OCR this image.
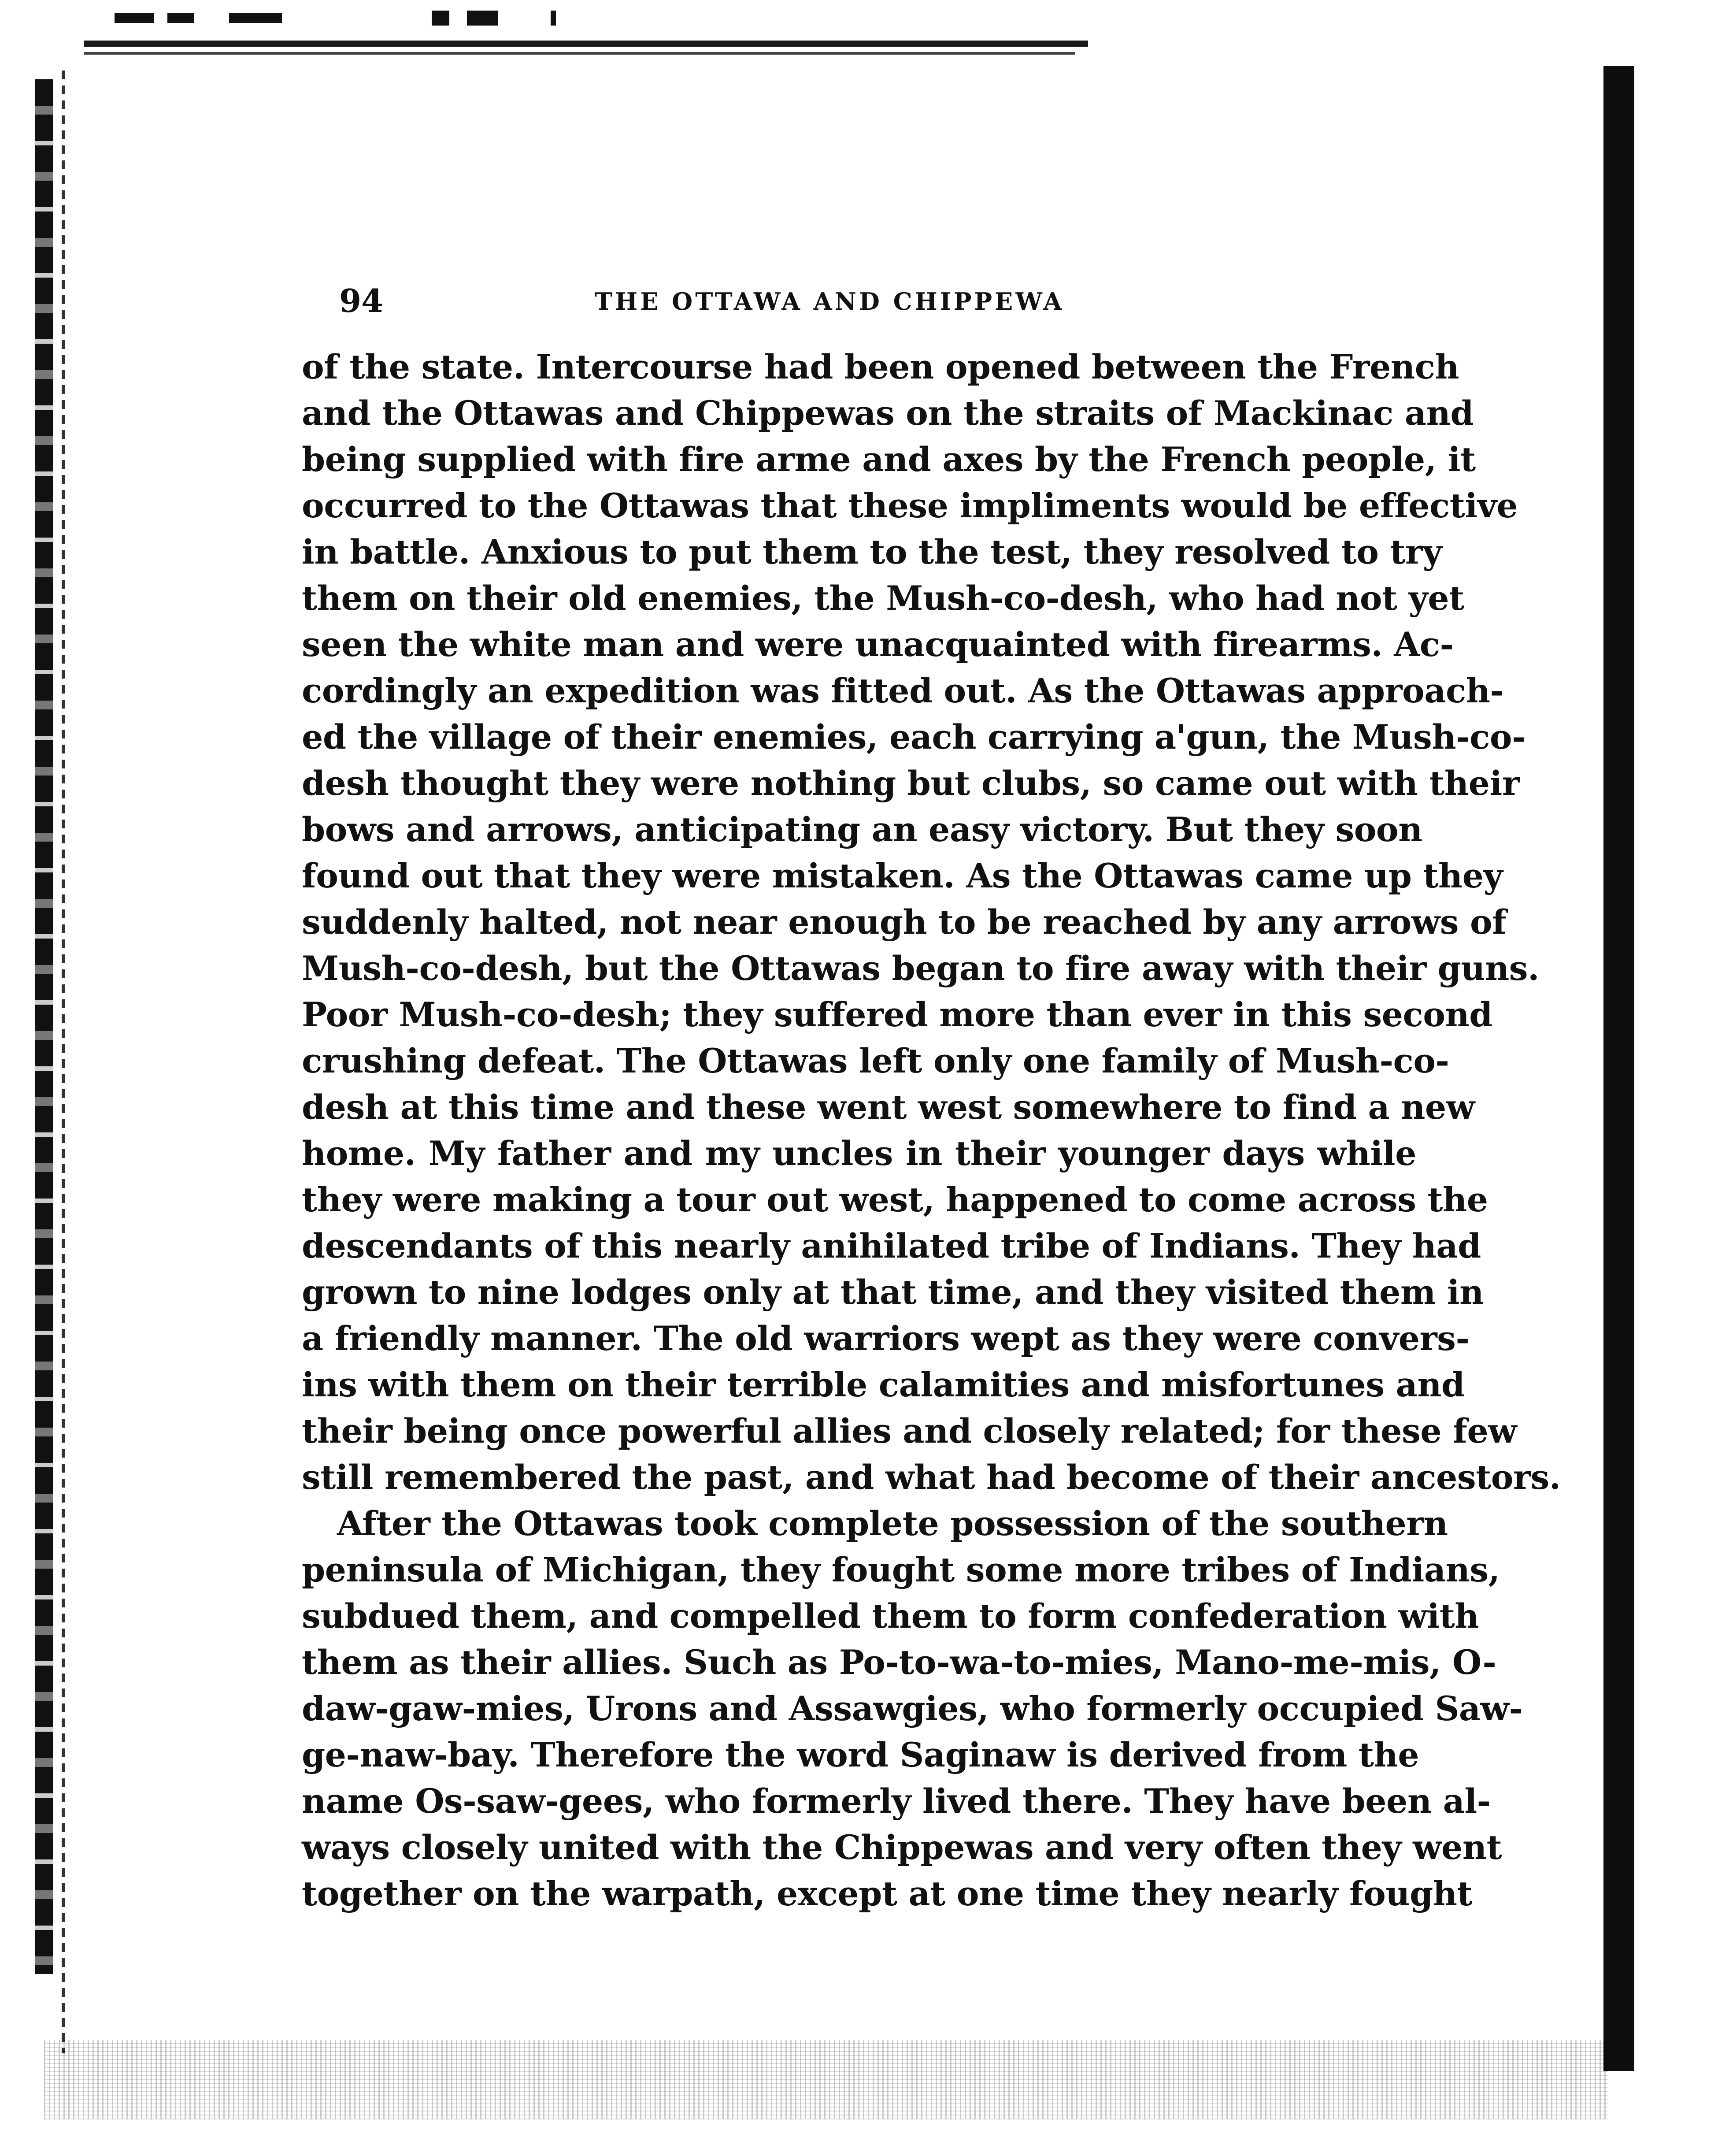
94	THE OTTAWA AND CHIPPEWA
of the state. Intercourse had been opened between the French
and the Ottawas and Chippewas on the straits of Mackinac and
being supplied with fire arme and axes by the French people, it
occurred to the Ottawas that these impliments would be effective
in battle. Anxious to put them to the test, they resolved to try
them on their old enemies, the Mush-co-desh, who had not yet
seen the white man and were unacquainted with firearms. Ac-
cordingly an expedition was fitted out. As the Ottawas approach-
ed the village of their enemies, each carrying a'gun, the Mush-co-
desh thought they were nothing but clubs, so came out with their
bows and arrows, anticipating an easy victory. But they soon
found out that they were mistaken. As the Ottawas came up they
suddenly halted, not near enough to be reached by any arrows of
Mush-co-desh, but the Ottawas began to fire away with their guns.
Poor Mush-co-desh; they suffered more than ever in this second
crushing defeat. The Ottawas left only one family of Mush-co-
desh at this time and these went west somewhere to find a new
home. My father and my uncles in their younger days while
they were making a tour out west, happened to come across the
descendants of this nearly anihilated tribe of Indians. They had
grown to nine lodges only at that time, and they visited them in
a friendly manner. The old warriors wept as they were convers-
ins with them on their terrible calamities and misfortunes and
their being once powerful allies and closely related; for these few
still remembered the past, and what had become of their ancestors.
After the Ottawas took complete possession of the southern
peninsula of Michigan, they fought some more tribes of Indians,
subdued them, and compelled them to form confederation with
them as their allies. Such as Po-to-wa-to-mies, Mano-me-mis, O-
daw-gaw-mies, Urons and Assawgies, who formerly occupied Saw-
ge-naw-bay. Therefore the word Saginaw is derived from the
name Os-saw-gees, who formerly lived there. They have been al-
ways closely united with the Chippewas and very often they went
together on the warpath, except at one time they nearly fought
